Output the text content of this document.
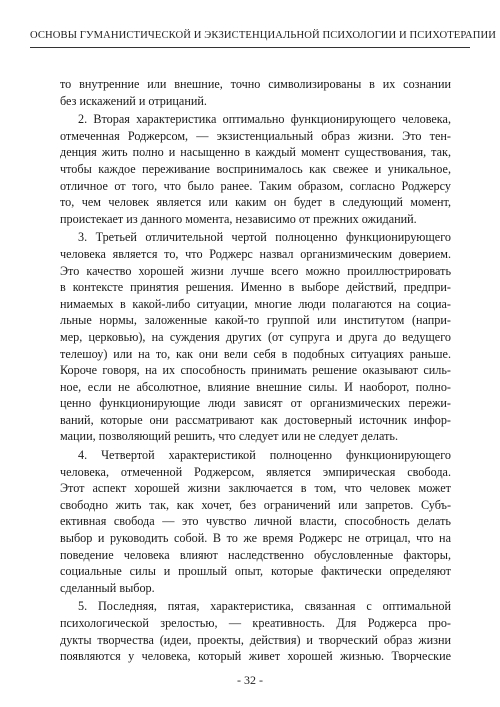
ОСНОВЫ ГУМАНИСТИЧЕСКОЙ И ЭКЗИСТЕНЦИАЛЬНОЙ ПСИХОЛОГИИ И ПСИХОТЕРАПИИ
то внутренние или внешние, точно символизированы в их сознании
без искажений и отрицаний.
2. Вторая характеристика оптимально функционирующего человека,
отмеченная Роджерсом, — экзистенциальный образ жизни. Это тен-
денция жить полно и насыщенно в каждый момент существования, так,
чтобы каждое переживание воспринималось как свежее и уникальное,
отличное от того, что было ранее. Таким образом, согласно Роджерсу
то, чем человек является или каким он будет в следующий момент,
проистекает из данного момента, независимо от прежних ожиданий.
3. Третьей отличительной чертой полноценно функционирующего
человека является то, что Роджерс назвал организмическим доверием.
Это качество хорошей жизни лучше всего можно проиллюстрировать
в контексте принятия решения. Именно в выборе действий, предпри-
нимаемых в какой-либо ситуации, многие люди полагаются на социа-
льные нормы, заложенные какой-то группой или институтом (напри-
мер, церковью), на суждения других (от супруга и друга до ведущего
телешоу) или на то, как они вели себя в подобных ситуациях раньше.
Короче говоря, на их способность принимать решение оказывают силь-
ное, если не абсолютное, влияние внешние силы. И наоборот, полно-
ценно функционирующие люди зависят от организмических пережи-
ваний, которые они рассматривают как достоверный источник инфор-
мации, позволяющий решить, что следует или не следует делать.
4. Четвертой характеристикой полноценно функционирующего
человека, отмеченной Роджерсом, является эмпирическая свобода.
Этот аспект хорошей жизни заключается в том, что человек может
свободно жить так, как хочет, без ограничений или запретов. Субъ-
ективная свобода — это чувство личной власти, способность делать
выбор и руководить собой. В то же время Роджерс не отрицал, что на
поведение человека влияют наследственно обусловленные факторы,
социальные силы и прошлый опыт, которые фактически определяют
сделанный выбор.
5. Последняя, пятая, характеристика, связанная с оптимальной
психологической зрелостью, — креативность. Для Роджерса про-
дукты творчества (идеи, проекты, действия) и творческий образ жизни
появляются у человека, который живет хорошей жизнью. Творческие
- 32 -
